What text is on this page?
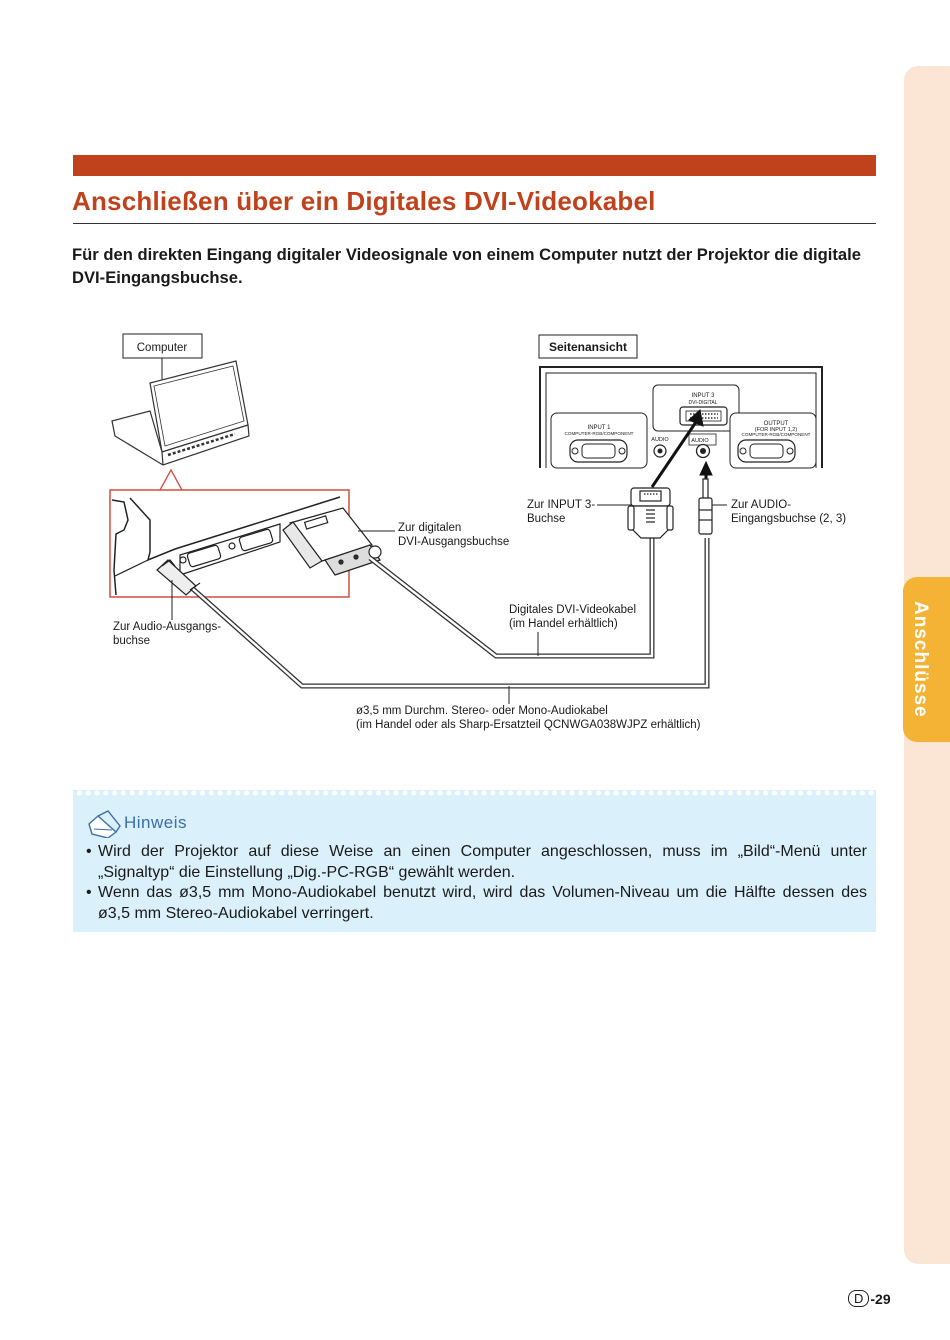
Anschlüsse
Anschließen über ein Digitales DVI-Videokabel

Für den direkten Eingang digitaler Videosignale von einem Computer nutzt der Projektor die digitale DVI-Eingangsbuchse.

Computer
Zur digitalen DVI-Ausgangsbuchse
Zur Audio-Ausgangs- buchse
Digitales DVI-Videokabel (im Handel erhältlich)
ø3,5 mm Durchm. Stereo- oder Mono-Audiokabel (im Handel oder als Sharp-Ersatzteil QCNWGA038WJPZ erhältlich)
Seitenansicht
INPUT 3
DVI-DIGITAL
INPUT 1
COMPUTER-RGB/COMPONENT
OUTPUT
(FOR INPUT 1,2)
COMPUTER-RGB/COMPONENT
AUDIO	AUDIO
Zur INPUT 3- Buchse
Zur AUDIO- Eingangsbuchse (2, 3)
Hinweis
• Wird der Projektor auf diese Weise an einen Computer angeschlossen, muss im „Bild“-Menü unter „Signaltyp“ die Einstellung „Dig.-PC-RGB“ gewählt werden.
• Wenn das ø3,5 mm Mono-Audiokabel benutzt wird, wird das Volumen-Niveau um die Hälfte dessen des ø3,5 mm Stereo-Audiokabel verringert.
D -29
